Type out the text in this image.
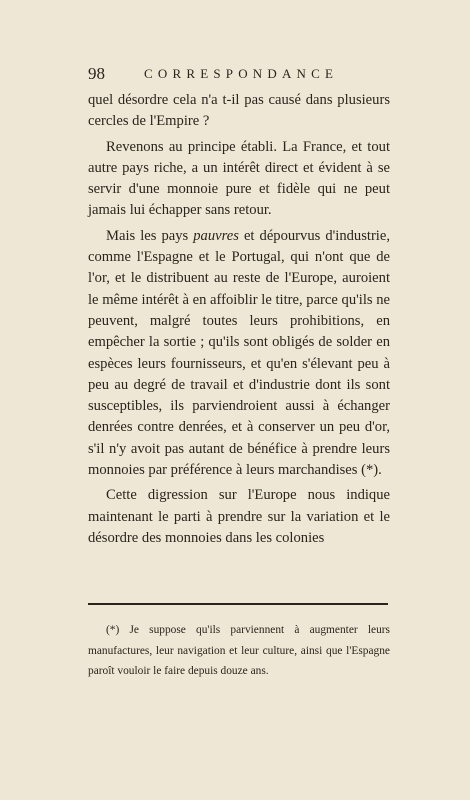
98	CORRESPONDANCE

quel désordre cela n'a t-il pas causé dans plusieurs cercles de l'Empire ?

Revenons au principe établi. La France, et tout autre pays riche, a un intérêt direct et évident à se servir d'une monnoie pure et fidèle qui ne peut jamais lui échapper sans retour.

Mais les pays pauvres et dépourvus d'industrie, comme l'Espagne et le Portugal, qui n'ont que de l'or, et le distribuent au reste de l'Europe, auroient le même intérêt à en affoiblir le titre, parce qu'ils ne peuvent, malgré toutes leurs prohibitions, en empêcher la sortie ; qu'ils sont obligés de solder en espèces leurs fournisseurs, et qu'en s'élevant peu à peu au degré de travail et d'industrie dont ils sont susceptibles, ils parviendroient aussi à échanger denrées contre denrées, et à conserver un peu d'or, s'il n'y avoit pas autant de bénéfice à prendre leurs monnoies par préférence à leurs marchandises (*).

Cette digression sur l'Europe nous indique maintenant le parti à prendre sur la variation et le désordre des monnoies dans les colonies

(*) Je suppose qu'ils parviennent à augmenter leurs manufactures, leur navigation et leur culture, ainsi que l'Espagne paroît vouloir le faire depuis douze ans.
